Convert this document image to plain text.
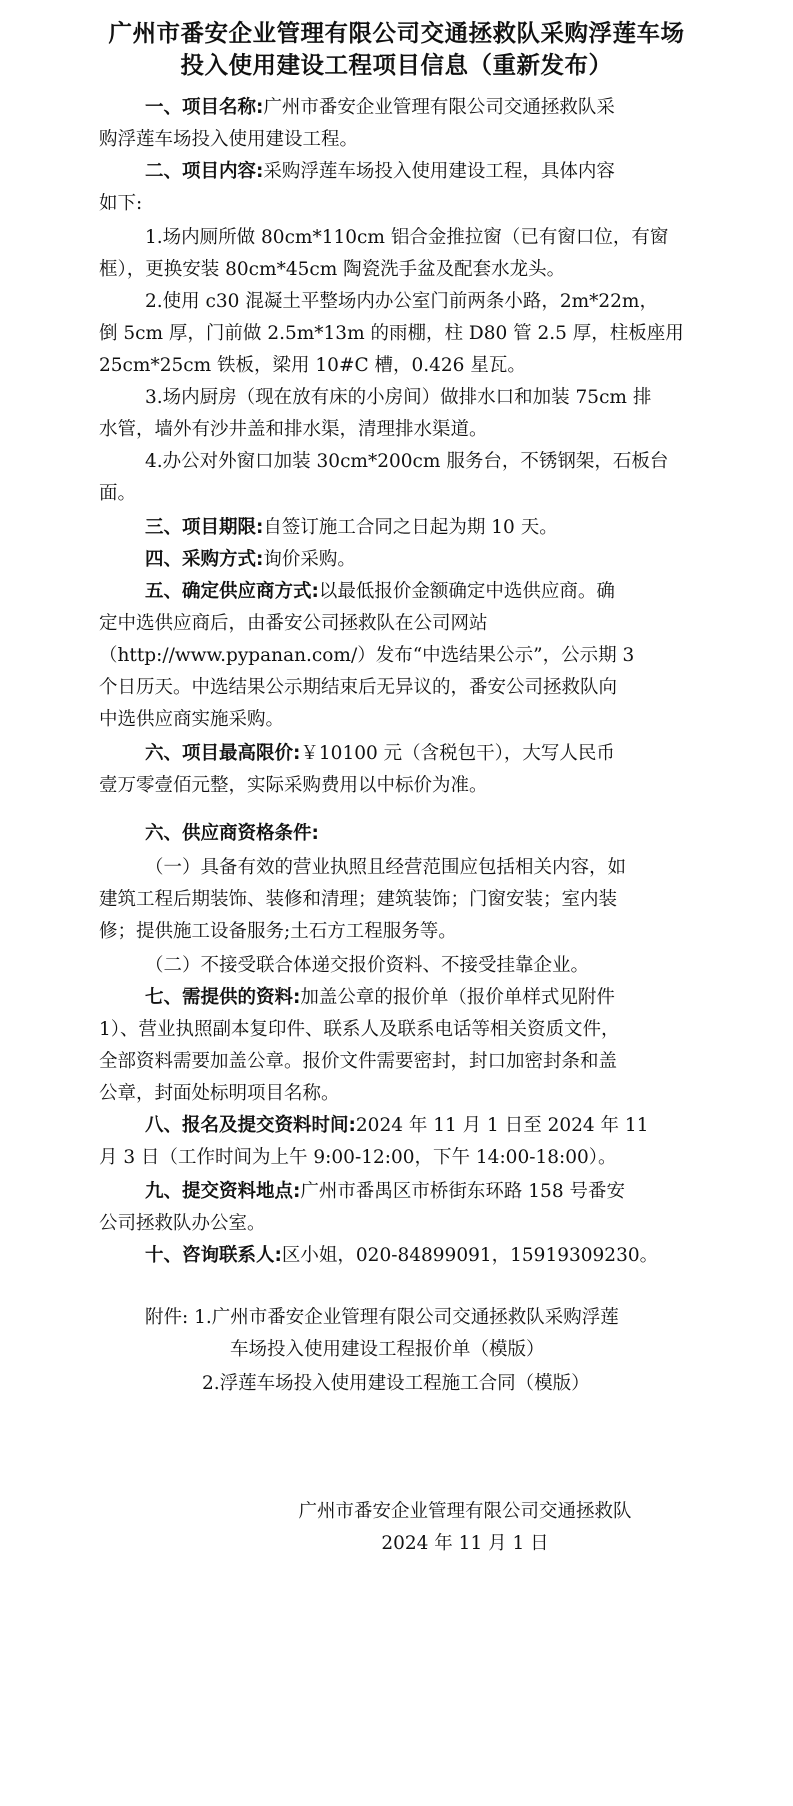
广州市番安企业管理有限公司交通拯救队采购浮莲车场
投入使用建设工程项目信息（重新发布）
一、项目名称:广州市番安企业管理有限公司交通拯救队采
购浮莲车场投入使用建设工程。
二、项目内容:采购浮莲车场投入使用建设工程，具体内容
如下:
1.场内厕所做 80cm*110cm 铝合金推拉窗（已有窗口位，有窗
框），更换安装 80cm*45cm 陶瓷洗手盆及配套水龙头。
2.使用 c30 混凝土平整场内办公室门前两条小路，2m*22m，
倒 5cm 厚，门前做 2.5m*13m 的雨棚，柱 D80 管 2.5 厚，柱板座用
25cm*25cm 铁板，梁用 10#C 槽，0.426 星瓦。
3.场内厨房（现在放有床的小房间）做排水口和加装 75cm 排
水管，墙外有沙井盖和排水渠，清理排水渠道。
4.办公对外窗口加装 30cm*200cm 服务台，不锈钢架，石板台
面。
三、项目期限:自签订施工合同之日起为期 10 天。
四、采购方式:询价采购。
五、确定供应商方式:以最低报价金额确定中选供应商。确
定中选供应商后，由番安公司拯救队在公司网站
（http://www.pypanan.com/）发布“中选结果公示”，公示期 3
个日历天。中选结果公示期结束后无异议的，番安公司拯救队向
中选供应商实施采购。
六、项目最高限价:￥10100 元（含税包干），大写人民币
壹万零壹佰元整，实际采购费用以中标价为准。
六、供应商资格条件:
（一）具备有效的营业执照且经营范围应包括相关内容，如
建筑工程后期装饰、装修和清理；建筑装饰；门窗安装；室内装
修；提供施工设备服务;土石方工程服务等。
（二）不接受联合体递交报价资料、不接受挂靠企业。
七、需提供的资料:加盖公章的报价单（报价单样式见附件
1）、营业执照副本复印件、联系人及联系电话等相关资质文件，
全部资料需要加盖公章。报价文件需要密封，封口加密封条和盖
公章，封面处标明项目名称。
八、报名及提交资料时间:2024 年 11 月 1 日至 2024 年 11
月 3 日（工作时间为上午 9:00-12:00，下午 14:00-18:00）。
九、提交资料地点:广州市番禺区市桥街东环路 158 号番安
公司拯救队办公室。
十、咨询联系人:区小姐，020-84899091，15919309230。
附件: 1.广州市番安企业管理有限公司交通拯救队采购浮莲
车场投入使用建设工程报价单（模版）
2.浮莲车场投入使用建设工程施工合同（模版）
广州市番安企业管理有限公司交通拯救队
2024 年 11 月 1 日
